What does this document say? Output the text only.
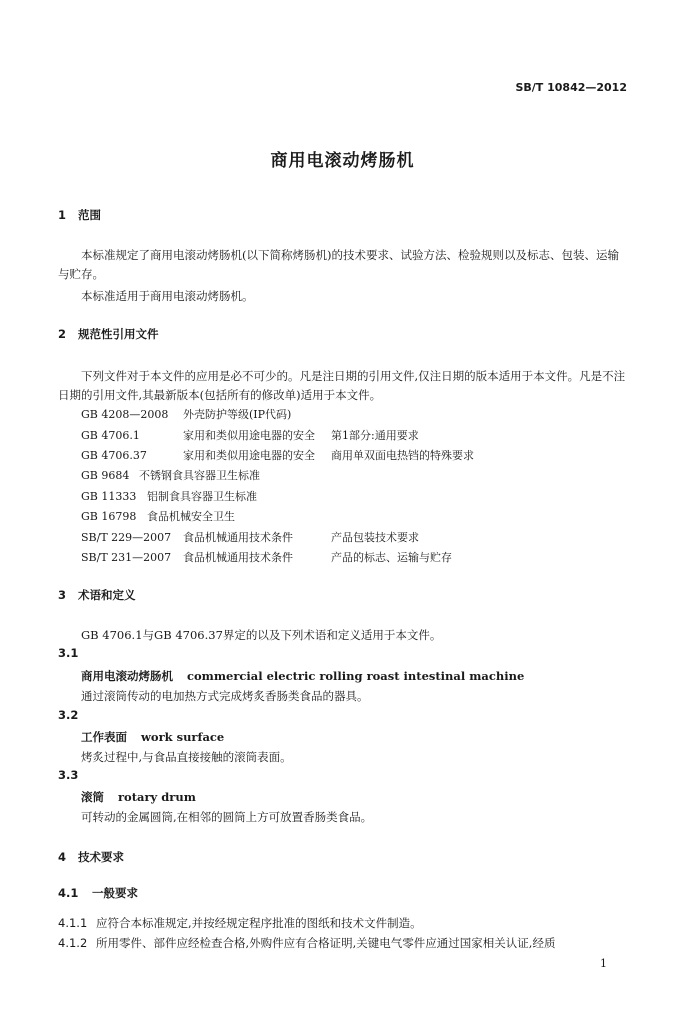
SB/T 10842—2012
商用电滚动烤肠机
1 范围

本标准规定了商用电滚动烤肠机(以下简称烤肠机)的技术要求、试验方法、检验规则以及标志、包装、运输与贮存。

本标准适用于商用电滚动烤肠机。

2 规范性引用文件

下列文件对于本文件的应用是必不可少的。凡是注日期的引用文件,仅注日期的版本适用于本文件。凡是不注日期的引用文件,其最新版本(包括所有的修改单)适用于本文件。

GB 4208—2008 外壳防护等级(IP代码)
GB 4706.1	家用和类似用途电器的安全 第1部分:通用要求
GB 4706.37	家用和类似用途电器的安全 商用单双面电热铛的特殊要求
GB 9684 不锈钢食具容器卫生标准
GB 11333 铝制食具容器卫生标准
GB 16798 食品机械安全卫生
SB/T 229—2007 食品机械通用技术条件	产品包装技术要求
SB/T 231—2007 食品机械通用技术条件	产品的标志、运输与贮存
3 术语和定义

GB 4706.1与GB 4706.37界定的以及下列术语和定义适用于本文件。

3.1
商用电滚动烤肠机 commercial electric rolling roast intestinal machine
通过滚筒传动的电加热方式完成烤炙香肠类食品的器具。
3.2
工作表面 work surface
烤炙过程中,与食品直接接触的滚筒表面。
3.3
滚筒 rotary drum
可转动的金属圆筒,在相邻的圆筒上方可放置香肠类食品。
4 技术要求
4.1 一般要求
4.1.1 应符合本标准规定,并按经规定程序批准的图纸和技术文件制造。
4.1.2 所用零件、部件应经检查合格,外购件应有合格证明,关键电气零件应通过国家相关认证,经质
1
